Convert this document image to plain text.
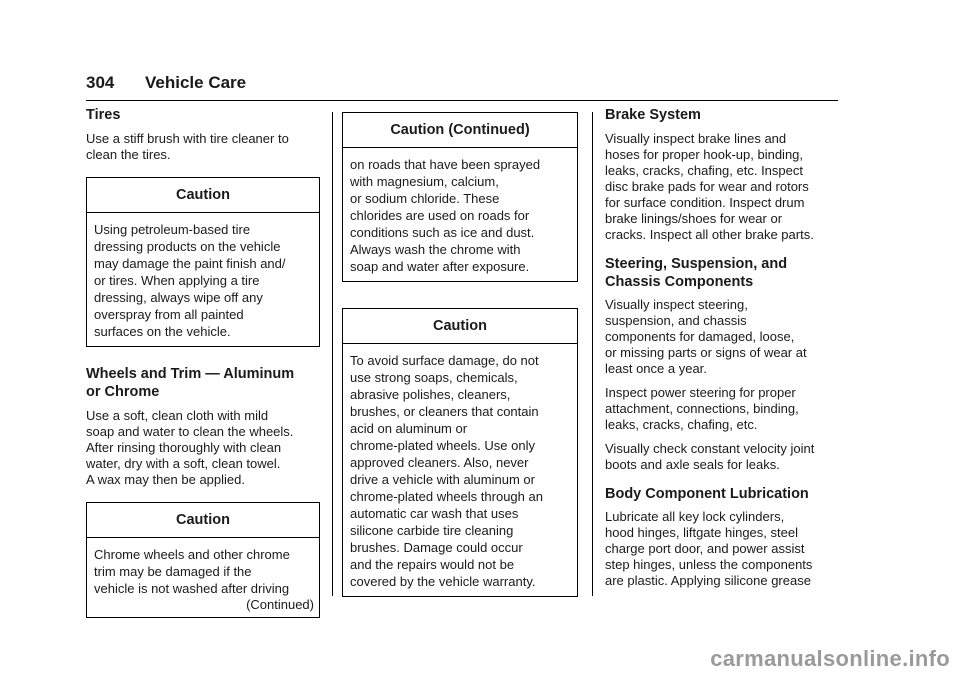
304 Vehicle Care
Tires

Use a stiff brush with tire cleaner to
clean the tires.

Caution
Using petroleum-based tire
dressing products on the vehicle
may damage the paint finish and/
or tires. When applying a tire
dressing, always wipe off any
overspray from all painted
surfaces on the vehicle.
Wheels and Trim — Aluminum
or Chrome

Use a soft, clean cloth with mild
soap and water to clean the wheels.
After rinsing thoroughly with clean
water, dry with a soft, clean towel.
A wax may then be applied.

Caution
Chrome wheels and other chrome
trim may be damaged if the
vehicle is not washed after driving
(Continued)
Caution (Continued)
on roads that have been sprayed
with magnesium, calcium,
or sodium chloride. These
chlorides are used on roads for
conditions such as ice and dust.
Always wash the chrome with
soap and water after exposure.
Caution
To avoid surface damage, do not
use strong soaps, chemicals,
abrasive polishes, cleaners,
brushes, or cleaners that contain
acid on aluminum or
chrome-plated wheels. Use only
approved cleaners. Also, never
drive a vehicle with aluminum or
chrome-plated wheels through an
automatic car wash that uses
silicone carbide tire cleaning
brushes. Damage could occur
and the repairs would not be
covered by the vehicle warranty.
Brake System

Visually inspect brake lines and
hoses for proper hook-up, binding,
leaks, cracks, chafing, etc. Inspect
disc brake pads for wear and rotors
for surface condition. Inspect drum
brake linings/shoes for wear or
cracks. Inspect all other brake parts.

Steering, Suspension, and
Chassis Components

Visually inspect steering,
suspension, and chassis
components for damaged, loose,
or missing parts or signs of wear at
least once a year.

Inspect power steering for proper
attachment, connections, binding,
leaks, cracks, chafing, etc.

Visually check constant velocity joint
boots and axle seals for leaks.

Body Component Lubrication

Lubricate all key lock cylinders,
hood hinges, liftgate hinges, steel
charge port door, and power assist
step hinges, unless the components
are plastic. Applying silicone grease

carmanualsonline.info
